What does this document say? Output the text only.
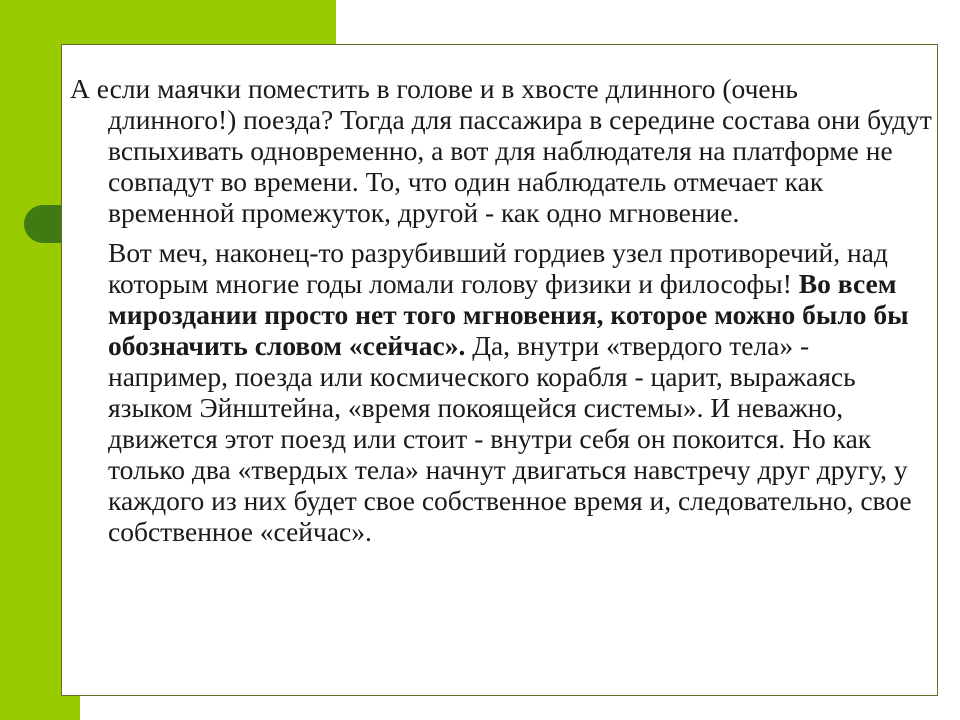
А если маячки поместить в голове и в хвосте длинного (очень длинного!) поезда? Тогда для пассажира в середине состава они будут вспыхивать одновременно, а вот для наблюдателя на платформе не совпадут во времени. То, что один наблюдатель отмечает как временной промежуток, другой - как одно мгновение.

Вот меч, наконец-то разрубивший гордиев узел противоречий, над которым многие годы ломали голову физики и философы! Во всем мироздании просто нет того мгновения, которое можно было бы обозначить словом «сейчас». Да, внутри «твердого тела» - например, поезда или космического корабля - царит, выражаясь языком Эйнштейна, «время покоящейся системы». И неважно, движется этот поезд или стоит - внутри себя он покоится. Но как только два «твердых тела» начнут двигаться навстречу друг другу, у каждого из них будет свое собственное время и, следовательно, свое собственное «сейчас».
